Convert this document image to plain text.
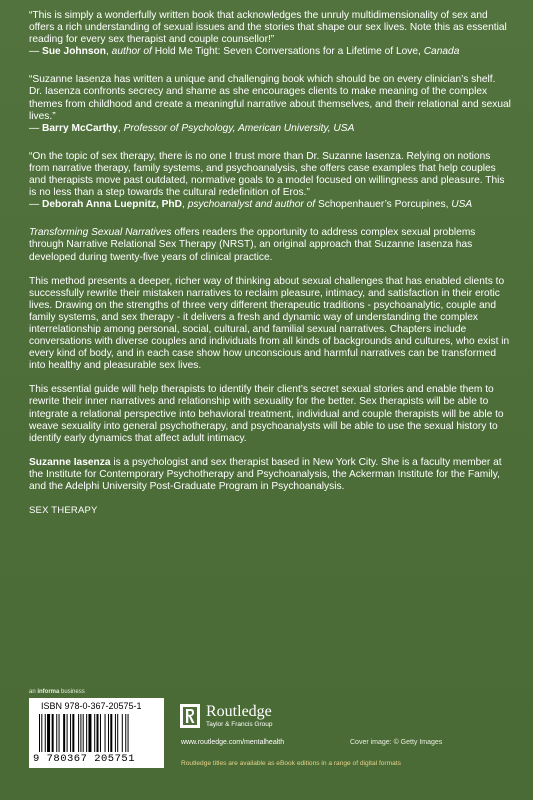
“This is simply a wonderfully written book that acknowledges the unruly multidimensionality of sex and offers a rich understanding of sexual issues and the stories that shape our sex lives. Note this as essential reading for every sex therapist and couple counsellor!”

— Sue Johnson, author of Hold Me Tight: Seven Conversations for a Lifetime of Love, Canada

“Suzanne Iasenza has written a unique and challenging book which should be on every clinician’s shelf. Dr. Iasenza confronts secrecy and shame as she encourages clients to make meaning of the complex themes from childhood and create a meaningful narrative about themselves, and their relational and sexual lives.”

— Barry McCarthy, Professor of Psychology, American University, USA

“On the topic of sex therapy, there is no one I trust more than Dr. Suzanne Iasenza. Relying on notions from narrative therapy, family systems, and psychoanalysis, she offers case examples that help couples and therapists move past outdated, normative goals to a model focused on willingness and pleasure. This is no less than a step towards the cultural redefinition of Eros.”

— Deborah Anna Luepnitz, PhD, psychoanalyst and author of Schopenhauer’s Porcupines, USA

Transforming Sexual Narratives offers readers the opportunity to address complex sexual problems through Narrative Relational Sex Therapy (NRST), an original approach that Suzanne Iasenza has developed during twenty-five years of clinical practice.

This method presents a deeper, richer way of thinking about sexual challenges that has enabled clients to successfully rewrite their mistaken narratives to reclaim pleasure, intimacy, and satisfaction in their erotic lives. Drawing on the strengths of three very different therapeutic traditions - psychoanalytic, couple and family systems, and sex therapy - it delivers a fresh and dynamic way of understanding the complex interrelationship among personal, social, cultural, and familial sexual narratives. Chapters include conversations with diverse couples and individuals from all kinds of backgrounds and cultures, who exist in every kind of body, and in each case show how unconscious and harmful narratives can be transformed into healthy and pleasurable sex lives.

This essential guide will help therapists to identify their client’s secret sexual stories and enable them to rewrite their inner narratives and relationship with sexuality for the better. Sex therapists will be able to integrate a relational perspective into behavioral treatment, individual and couple therapists will be able to weave sexuality into general psychotherapy, and psychoanalysts will be able to use the sexual history to identify early dynamics that affect adult intimacy.

Suzanne Iasenza is a psychologist and sex therapist based in New York City. She is a faculty member at the Institute for Contemporary Psychotherapy and Psychoanalysis, the Ackerman Institute for the Family, and the Adelphi University Post-Graduate Program in Psychoanalysis.

SEX THERAPY

an informa business
ISBN 978-0-367-20575-1
9 780367 205751
Routledge
Taylor & Francis Group
www.routledge.com/mentalhealth	Cover image: © Getty Images
Routledge titles are available as eBook editions in a range of digital formats
